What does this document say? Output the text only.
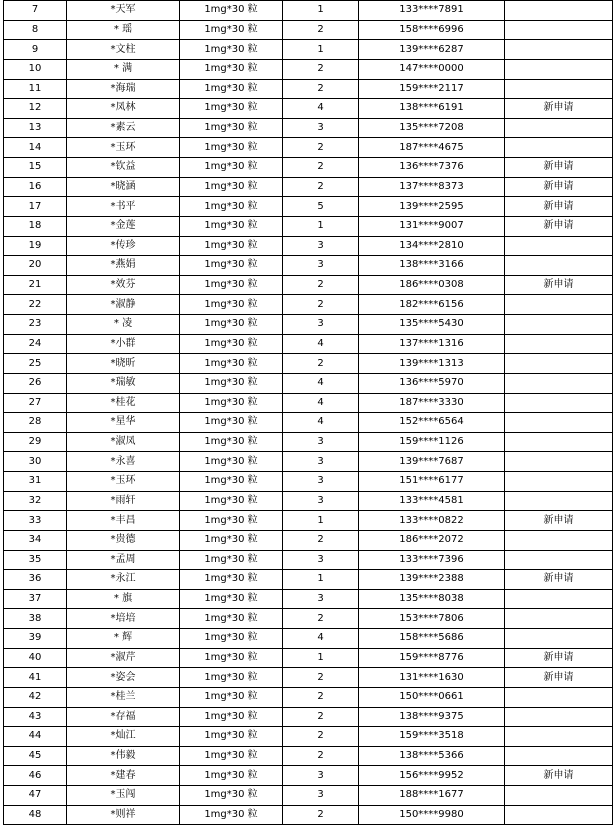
7	*天军	1mg*30 粒	1	133****7891	
8	* 瑶	1mg*30 粒	2	158****6996	
9	*文柱	1mg*30 粒	1	139****6287	
10	* 满	1mg*30 粒	2	147****0000	
11	*海瑞	1mg*30 粒	2	159****2117	
12	*凤林	1mg*30 粒	4	138****6191	新申请
13	*素云	1mg*30 粒	3	135****7208	
14	*玉环	1mg*30 粒	2	187****4675	
15	*钦益	1mg*30 粒	2	136****7376	新申请
16	*晓涵	1mg*30 粒	2	137****8373	新申请
17	*书平	1mg*30 粒	5	139****2595	新申请
18	*金莲	1mg*30 粒	1	131****9007	新申请
19	*传珍	1mg*30 粒	3	134****2810	
20	*燕娟	1mg*30 粒	3	138****3166	
21	*效芬	1mg*30 粒	2	186****0308	新申请
22	*淑静	1mg*30 粒	2	182****6156	
23	* 凌	1mg*30 粒	3	135****5430	
24	*小群	1mg*30 粒	4	137****1316	
25	*晓昕	1mg*30 粒	2	139****1313	
26	*瑞敏	1mg*30 粒	4	136****5970	
27	*桂花	1mg*30 粒	4	187****3330	
28	*星华	1mg*30 粒	4	152****6564	
29	*淑凤	1mg*30 粒	3	159****1126	
30	*永喜	1mg*30 粒	3	139****7687	
31	*玉环	1mg*30 粒	3	151****6177	
32	*雨轩	1mg*30 粒	3	133****4581	
33	*丰昌	1mg*30 粒	1	133****0822	新申请
34	*贵德	1mg*30 粒	2	186****2072	
35	*孟周	1mg*30 粒	3	133****7396	
36	*永江	1mg*30 粒	1	139****2388	新申请
37	* 旗	1mg*30 粒	3	135****8038	
38	*培培	1mg*30 粒	2	153****7806	
39	* 辉	1mg*30 粒	4	158****5686	
40	*淑芹	1mg*30 粒	1	159****8776	新申请
41	*姿会	1mg*30 粒	2	131****1630	新申请
42	*桂兰	1mg*30 粒	2	150****0661	
43	*存福	1mg*30 粒	2	138****9375	
44	*灿江	1mg*30 粒	2	159****3518	
45	*伟毅	1mg*30 粒	2	138****5366	
46	*建春	1mg*30 粒	3	156****9952	新申请
47	*玉闯	1mg*30 粒	3	188****1677	
48	*则祥	1mg*30 粒	2	150****9980	
